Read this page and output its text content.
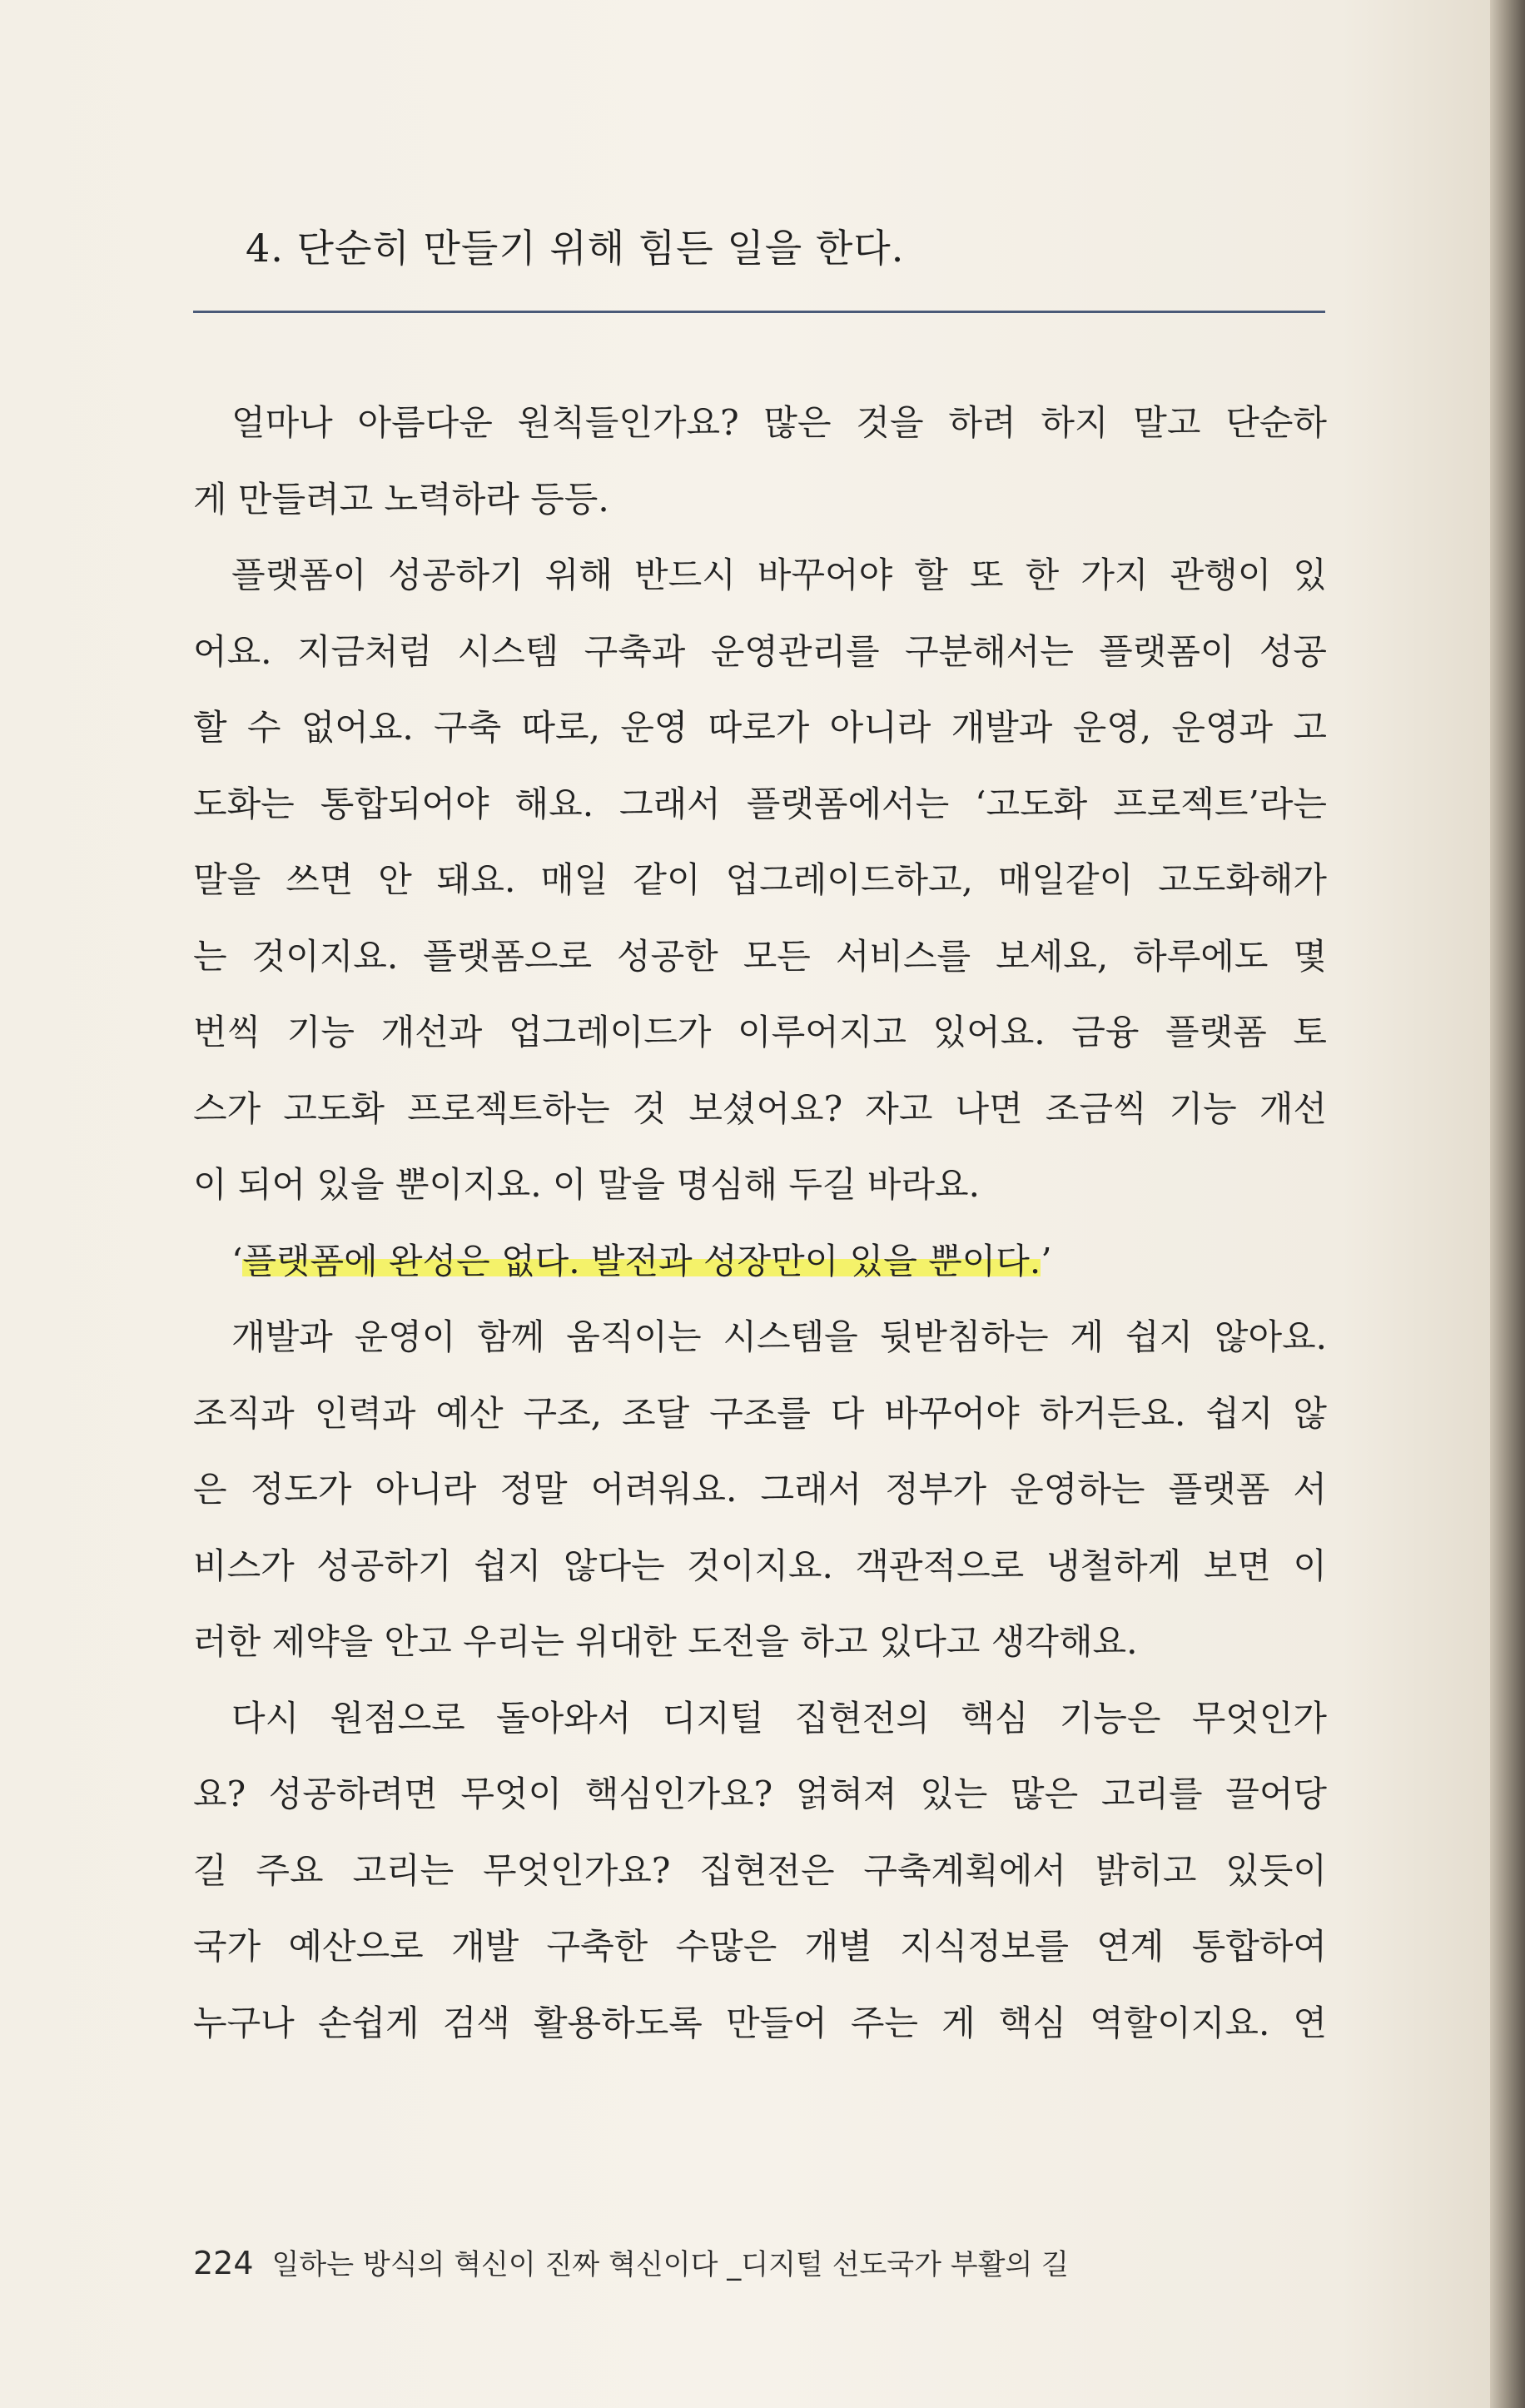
4. 단순히 만들기 위해 힘든 일을 한다.
얼마나 아름다운 원칙들인가요? 많은 것을 하려 하지 말고 단순하
게 만들려고 노력하라 등등.
플랫폼이 성공하기 위해 반드시 바꾸어야 할 또 한 가지 관행이 있
어요. 지금처럼 시스템 구축과 운영관리를 구분해서는 플랫폼이 성공
할 수 없어요. 구축 따로, 운영 따로가 아니라 개발과 운영, 운영과 고
도화는 통합되어야 해요. 그래서 플랫폼에서는 ‘고도화 프로젝트’라는
말을 쓰면 안 돼요. 매일 같이 업그레이드하고, 매일같이 고도화해가
는 것이지요. 플랫폼으로 성공한 모든 서비스를 보세요, 하루에도 몇
번씩 기능 개선과 업그레이드가 이루어지고 있어요. 금융 플랫폼 토
스가 고도화 프로젝트하는 것 보셨어요? 자고 나면 조금씩 기능 개선
이 되어 있을 뿐이지요. 이 말을 명심해 두길 바라요.
‘플랫폼에 완성은 없다. 발전과 성장만이 있을 뿐이다.’
개발과 운영이 함께 움직이는 시스템을 뒷받침하는 게 쉽지 않아요.
조직과 인력과 예산 구조, 조달 구조를 다 바꾸어야 하거든요. 쉽지 않
은 정도가 아니라 정말 어려워요. 그래서 정부가 운영하는 플랫폼 서
비스가 성공하기 쉽지 않다는 것이지요. 객관적으로 냉철하게 보면 이
러한 제약을 안고 우리는 위대한 도전을 하고 있다고 생각해요.
다시 원점으로 돌아와서 디지털 집현전의 핵심 기능은 무엇인가
요? 성공하려면 무엇이 핵심인가요? 얽혀져 있는 많은 고리를 끌어당
길 주요 고리는 무엇인가요? 집현전은 구축계획에서 밝히고 있듯이
국가 예산으로 개발 구축한 수많은 개별 지식정보를 연계 통합하여
누구나 손쉽게 검색 활용하도록 만들어 주는 게 핵심 역할이지요. 연
224 일하는 방식의 혁신이 진짜 혁신이다 _디지털 선도국가 부활의 길
